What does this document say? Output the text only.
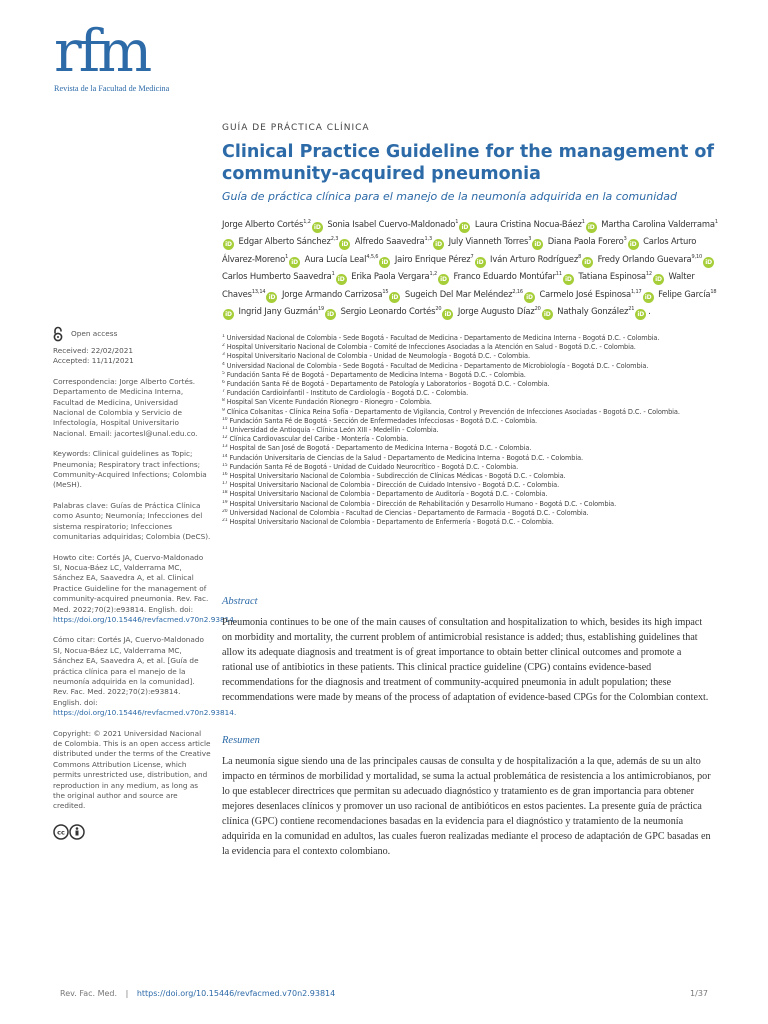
rfm
Revista de la Facultad de Medicina
GUÍA DE PRÁCTICA CLÍNICA
Clinical Practice Guideline for the management of community-acquired pneumonia
Guía de práctica clínica para el manejo de la neumonía adquirida en la comunidad
Jorge Alberto Cortés$^{1,2}$iD Sonia Isabel Cuervo-Maldonado$^1$iD Laura Cristina Nocua-Báez$^1$iD Martha Carolina Valderrama$^1$iD Edgar Alberto Sánchez$^{2,3}$iD Alfredo Saavedra$^{1,3}$iD July Vianneth Torres$^3$iD Diana Paola Forero$^3$iD Carlos Arturo Álvarez-Moreno$^1$iD Aura Lucía Leal$^{4,5,6}$iD Jairo Enrique Pérez$^7$iD Iván Arturo Rodríguez$^8$iD Fredy Orlando Guevara$^{9,10}$iD Carlos Humberto Saavedra$^1$iD Erika Paola Vergara$^{1,2}$iD Franco Eduardo Montúfar$^{11}$iD Tatiana Espinosa$^{12}$iD Walter Chaves$^{13,14}$iD Jorge Armando Carrizosa$^{15}$iD Sugeich Del Mar Meléndez$^{2,16}$iD Carmelo José Espinosa$^{1,17}$iD Felipe García$^{18}$iD Ingrid Jany Guzmán$^{19}$iD Sergio Leonardo Cortés$^{20}$iD Jorge Augusto Díaz$^{20}$iD Nathaly González$^{21}$iD .
$^1$ Universidad Nacional de Colombia - Sede Bogotá - Facultad de Medicina - Departamento de Medicina Interna - Bogotá D.C. - Colombia.
$^2$ Hospital Universitario Nacional de Colombia - Comité de Infecciones Asociadas a la Atención en Salud - Bogotá D.C. - Colombia.
$^3$ Hospital Universitario Nacional de Colombia - Unidad de Neumología - Bogotá D.C. - Colombia.
$^4$ Universidad Nacional de Colombia - Sede Bogotá - Facultad de Medicina - Departamento de Microbiología - Bogotá D.C. - Colombia.
$^5$ Fundación Santa Fé de Bogotá - Departamento de Medicina Interna - Bogotá D.C. - Colombia.
$^6$ Fundación Santa Fé de Bogotá - Departamento de Patología y Laboratorios - Bogotá D.C. - Colombia.
$^7$ Fundación Cardioinfantil - Instituto de Cardiología - Bogotá D.C. - Colombia.
$^8$ Hospital San Vicente Fundación Rionegro - Rionegro - Colombia.
$^9$ Clínica Colsanitas - Clínica Reina Sofía - Departamento de Vigilancia, Control y Prevención de Infecciones Asociadas - Bogotá D.C. - Colombia.
$^{10}$ Fundación Santa Fé de Bogotá - Sección de Enfermedades Infecciosas - Bogotá D.C. - Colombia.
$^{11}$ Universidad de Antioquia - Clínica León XIII - Medellín - Colombia.
$^{12}$ Clínica Cardiovascular del Caribe - Montería - Colombia.
$^{13}$ Hospital de San José de Bogotá - Departamento de Medicina Interna - Bogotá D.C. - Colombia.
$^{14}$ Fundación Universitaria de Ciencias de la Salud - Departamento de Medicina Interna - Bogotá D.C. - Colombia.
$^{15}$ Fundación Santa Fé de Bogotá - Unidad de Cuidado Neurocrítico - Bogotá D.C. - Colombia.
$^{16}$ Hospital Universitario Nacional de Colombia - Subdirección de Clínicas Médicas - Bogotá D.C. - Colombia.
$^{17}$ Hospital Universitario Nacional de Colombia - Dirección de Cuidado Intensivo - Bogotá D.C. - Colombia.
$^{18}$ Hospital Universitario Nacional de Colombia - Departamento de Auditoría - Bogotá D.C. - Colombia.
$^{19}$ Hospital Universitario Nacional de Colombia - Dirección de Rehabilitación y Desarrollo Humano - Bogotá D.C. - Colombia.
$^{20}$ Universidad Nacional de Colombia - Facultad de Ciencias - Departamento de Farmacia - Bogotá D.C. - Colombia.
$^{21}$ Hospital Universitario Nacional de Colombia - Departamento de Enfermería - Bogotá D.C. - Colombia.
Open access
Received: 22/02/2021
Accepted: 11/11/2021
Correspondencia: Jorge Alberto Cortés. Departamento de Medicina Interna, Facultad de Medicina, Universidad Nacional de Colombia y Servicio de Infectología, Hospital Universitario Nacional. Email: jacortesl@unal.edu.co.
Keywords: Clinical guidelines as Topic; Pneumonia; Respiratory tract infections; Community-Acquired Infections; Colombia (MeSH).
Palabras clave: Guías de Práctica Clínica como Asunto; Neumonía; Infecciones del sistema respiratorio; Infecciones comunitarias adquiridas; Colombia (DeCS).
Howto cite: Cortés JA, Cuervo-Maldonado SI, Nocua-Báez LC, Valderrama MC, Sánchez EA, Saavedra A, et al. Clinical Practice Guideline for the management of community-acquired pneumonia. Rev. Fac. Med. 2022;70(2):e93814. English. doi: https://doi.org/10.15446/revfacmed.v70n2.93814.
Cómo citar: Cortés JA, Cuervo-Maldonado SI, Nocua-Báez LC, Valderrama MC, Sánchez EA, Saavedra A, et al. [Guía de práctica clínica para el manejo de la neumonía adquirida en la comunidad]. Rev. Fac. Med. 2022;70(2):e93814. English. doi: https://doi.org/10.15446/revfacmed.v70n2.93814.
Copyright: © 2021 Universidad Nacional de Colombia. This is an open access article distributed under the terms of the Creative Commons Attribution License, which permits unrestricted use, distribution, and reproduction in any medium, as long as the original author and source are credited.
cc
Abstract
Pneumonia continues to be one of the main causes of consultation and hospitalization to which, besides its high impact on morbidity and mortality, the current problem of antimicrobial resistance is added; thus, establishing guidelines that allow its adequate diagnosis and treatment is of great importance to obtain better clinical outcomes and promote a rational use of antibiotics in these patients. This clinical practice guideline (CPG) contains evidence-based recommendations for the diagnosis and treatment of community-acquired pneumonia in adult population; these recommendations were made by means of the process of adaptation of evidence-based CPGs for the Colombian context.
Resumen
La neumonía sigue siendo una de las principales causas de consulta y de hospitalización a la que, además de su un alto impacto en términos de morbilidad y mortalidad, se suma la actual problemática de resistencia a los antimicrobianos, por lo que establecer directrices que permitan su adecuado diagnóstico y tratamiento es de gran importancia para obtener mejores desenlaces clínicos y promover un uso racional de antibióticos en estos pacientes. La presente guía de práctica clínica (GPC) contiene recomendaciones basadas en la evidencia para el diagnóstico y tratamiento de la neumonía adquirida en la comunidad en adultos, las cuales fueron realizadas mediante el proceso de adaptación de GPC basadas en la evidencia para el contexto colombiano.
Rev. Fac. Med. | https://doi.org/10.15446/revfacmed.v70n2.93814	1/37
